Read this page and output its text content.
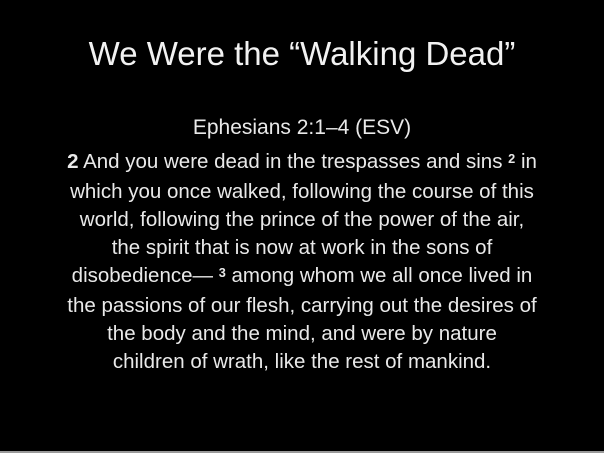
We Were the “Walking Dead”
Ephesians 2:1–4 (ESV)
2 And you were dead in the trespasses and sins $^2$ in
which you once walked, following the course of this
world, following the prince of the power of the air,
the spirit that is now at work in the sons of
disobedience— $^3$ among whom we all once lived in
the passions of our flesh, carrying out the desires of
the body and the mind, and were by nature
children of wrath, like the rest of mankind.
